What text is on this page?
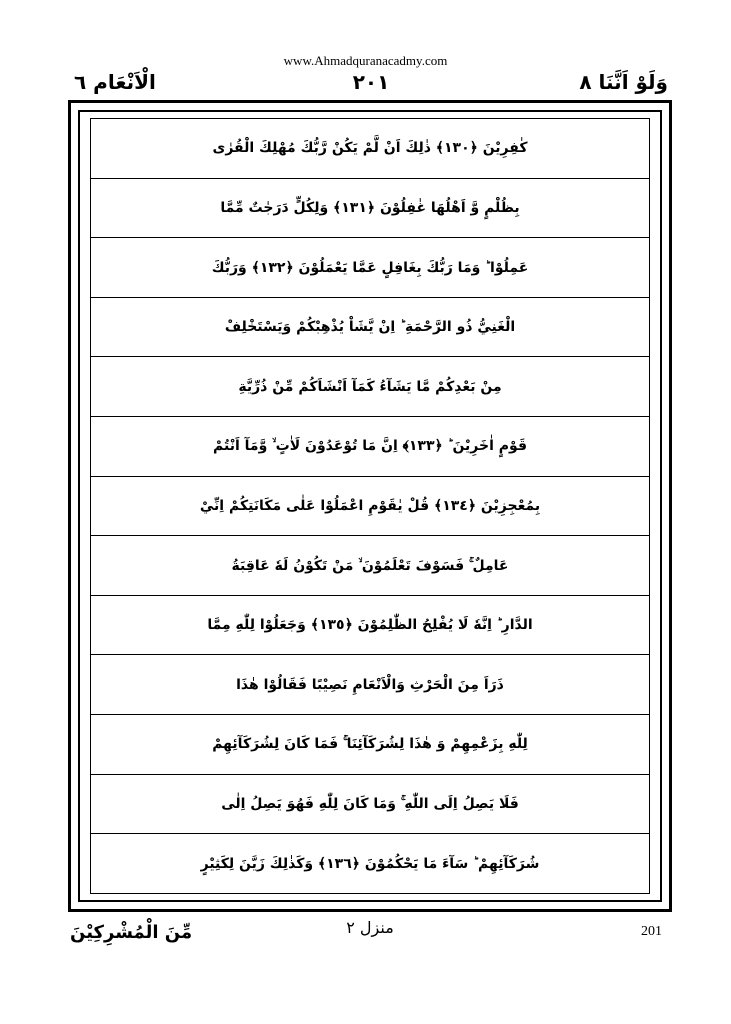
www.Ahmadquranacadmy.com
وَلَوْ اَنَّنَا ٨
٢٠١
الْاَنْعَام ٦
كٰفِرِيْنَ ﴿١٣٠﴾ ذٰلِكَ اَنْ لَّمْ يَكُنْ رَّبُّكَ مُهْلِكَ الْقُرٰى
بِظُلْمٍ وَّ اَهْلُهَا غٰفِلُوْنَ ﴿١٣١﴾ وَلِكُلٍّ دَرَجٰتٌ مِّمَّا
عَمِلُوْا ؕ وَمَا رَبُّكَ بِغَافِلٍ عَمَّا يَعْمَلُوْنَ ﴿١٣٢﴾ وَرَبُّكَ
الْغَنِيُّ ذُو الرَّحْمَةِ ؕ اِنْ يَّشَاْ يُذْهِبْكُمْ وَيَسْتَخْلِفْ
مِنْ بَعْدِكُمْ مَّا يَشَآءُ كَمَآ اَنْشَاَكُمْ مِّنْ ذُرِّيَّةِ
قَوْمٍ اٰخَرِيْنَ ؕ ﴿١٣٣﴾ اِنَّ مَا تُوْعَدُوْنَ لَاٰتٍ ۙ وَّمَآ اَنْتُمْ
بِمُعْجِزِيْنَ ﴿١٣٤﴾ قُلْ يٰقَوْمِ اعْمَلُوْا عَلٰى مَكَانَتِكُمْ اِنِّيْ
عَامِلٌ ۚ فَسَوْفَ تَعْلَمُوْنَ ۙ مَنْ تَكُوْنُ لَهٗ عَاقِبَةُ
الدَّارِ ؕ اِنَّهٗ لَا يُفْلِحُ الظّٰلِمُوْنَ ﴿١٣٥﴾ وَجَعَلُوْا لِلّٰهِ مِمَّا
ذَرَاَ مِنَ الْحَرْثِ وَالْاَنْعَامِ نَصِيْبًا فَقَالُوْا هٰذَا
لِلّٰهِ بِزَعْمِهِمْ وَ هٰذَا لِشُرَكَآئِنَا ۚ فَمَا كَانَ لِشُرَكَآئِهِمْ
فَلَا يَصِلُ اِلَى اللّٰهِ ۚ وَمَا كَانَ لِلّٰهِ فَهُوَ يَصِلُ اِلٰى
شُرَكَآئِهِمْ ؕ سَآءَ مَا يَحْكُمُوْنَ ﴿١٣٦﴾ وَكَذٰلِكَ زَيَّنَ لِكَثِيْرٍ
201
منزل ٢
مِّنَ الْمُشْرِكِيْنَ
